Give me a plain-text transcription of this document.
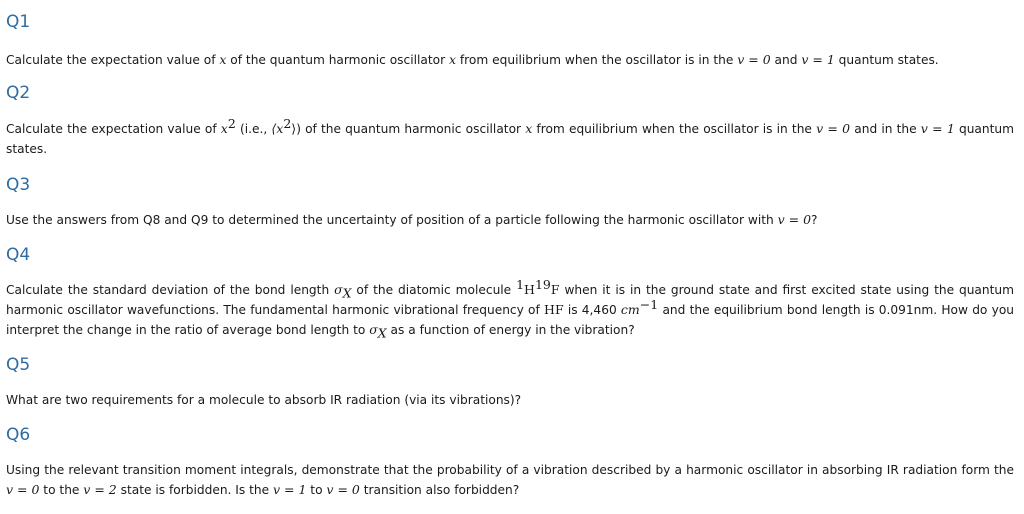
Q1

Calculate the expectation value of x of the quantum harmonic oscillator x from equilibrium when the oscillator is in the v = 0 and v = 1 quantum states.

Q2

Calculate the expectation value of $x^2$ (i.e., $⟨x^2⟩$) of the quantum harmonic oscillator x from equilibrium when the oscillator is in the v = 0 and in the v = 1 quantum states.

Q3

Use the answers from Q8 and Q9 to determined the uncertainty of position of a particle following the harmonic oscillator with v = 0?

Q4

Calculate the standard deviation of the bond length $\sigma_X$ of the diatomic molecule $^1H^{19}F$ when it is in the ground state and first excited state using the quantum harmonic oscillator wavefunctions. The fundamental harmonic vibrational frequency of HF is 4,460 $cm^{-1}$ and the equilibrium bond length is 0.091nm. How do you interpret the change in the ratio of average bond length to $\sigma_X$ as a function of energy in the vibration?

Q5

What are two requirements for a molecule to absorb IR radiation (via its vibrations)?

Q6

Using the relevant transition moment integrals, demonstrate that the probability of a vibration described by a harmonic oscillator in absorbing IR radiation form the v = 0 to the v = 2 state is forbidden. Is the v = 1 to v = 0 transition also forbidden?
